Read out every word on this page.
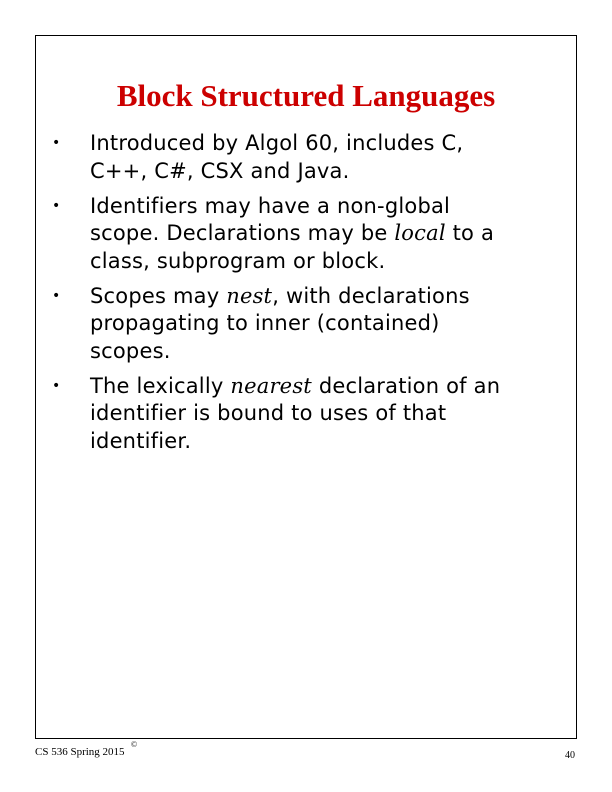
Block Structured Languages
• Introduced by Algol 60, includes C,
C++, C#, CSX and Java.
• Identifiers may have a non-global
scope. Declarations may be local to a
class, subprogram or block.
• Scopes may nest, with declarations
propagating to inner (contained)
scopes.
• The lexically nearest declaration of an
identifier is bound to uses of that
identifier.
CS 536 Spring 2015
©
40
